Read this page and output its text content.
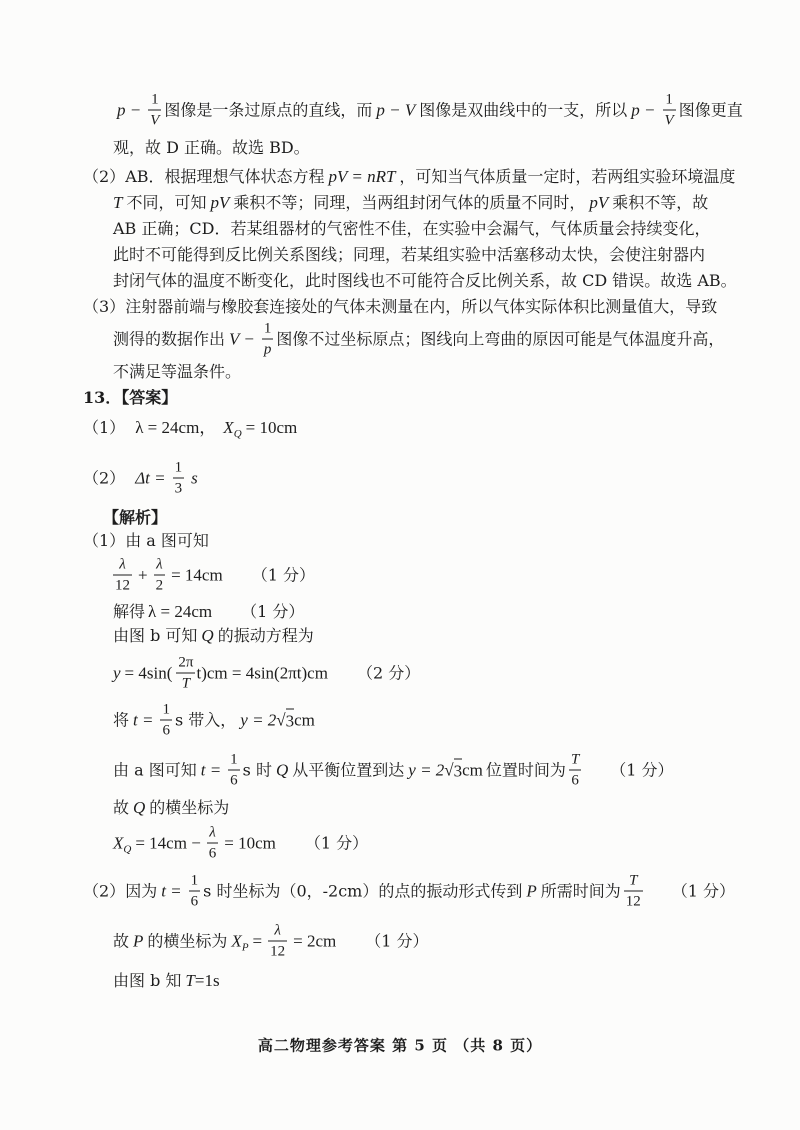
$p - \frac{1}{V}$ 图像是一条过原点的直线，而 p − V 图像是双曲线中的一支，所以 $p - \frac{1}{V}$ 图像更直
观，故 D 正确。故选 BD。
（2） AB．根据理想气体状态方程 pV = nRT ，可知当气体质量一定时，若两组实验环境温度
T 不同，可知 pV 乘积不等；同理，当两组封闭气体的质量不同时， pV 乘积不等，故
AB 正确；CD．若某组器材的气密性不佳，在实验中会漏气，气体质量会持续变化，
此时不可能得到反比例关系图线；同理，若某组实验中活塞移动太快，会使注射器内
封闭气体的温度不断变化，此时图线也不可能符合反比例关系，故 CD 错误。故选 AB。
（3） 注射器前端与橡胶套连接处的气体未测量在内，所以气体实际体积比测量值大，导致
测得的数据作出 $V - \frac{1}{p}$ 图像不过坐标原点；图线向上弯曲的原因可能是气体温度升高，
不满足等温条件。
13．【答案】
（1） λ = 24cm， $X_Q = 10cm$
（2） $\Delta t = \frac{1}{3}$ s
【解析】
（1） 由 a 图可知
$\frac{\lambda}{12} + \frac{\lambda}{2} = 14cm$ （1 分）
解得 λ = 24cm （1 分）
由图 b 可知 Q 的振动方程为
$y = 4\sin( \frac{2\pi}{T} t)cm = 4\sin(2\pi t)cm$ （2 分）
将 $t = \frac{1}{6}$ s 带入， y = 2√ 3 cm
由 a 图可知 $t = \frac{1}{6}$ s 时 Q 从平衡位置到达 y = 2√ 3 cm 位置时间为 $\frac{T}{6} (1$ 分）
故 Q 的横坐标为
$X_Q = 14cm - \frac{\lambda}{6} = 10cm$ （1 分）
（2） 因为 $t = \frac{1}{6}$ s 时坐标为（0，-2cm）的点的振动形式传到 P 所需时间为 $\frac{T}{12} (1$ 分）
故 P 的横坐标为 $X_P = \frac{\lambda}{12} = 2cm$ （1 分）
由图 b 知 T =1s
高二物理参考答案 第 5 页 （共 8 页）
